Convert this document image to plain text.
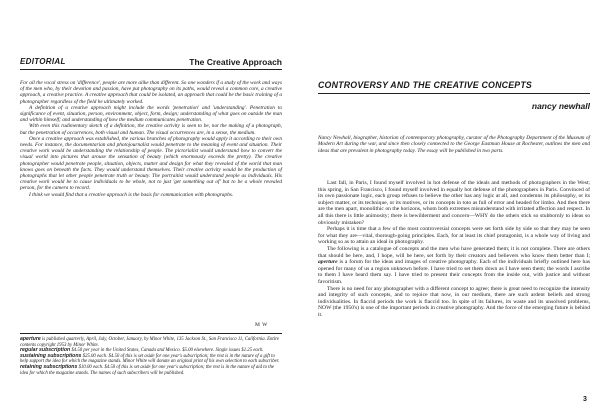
EDITORIAL	The Creative Approach

For all the vocal stress on 'difference', people are more alike than different. So one wonders if a study of the work and ways of the men who, by their devotion and passion, have put photography on its paths, would reveal a common core, a creative approach, a creative practice. A creative approach that could be isolated, an approach that could be the basic training of a photographer regardless of the field he ultimately worked.

A definition of a creative approach might include the words 'penetration' and 'understanding'. Penetration to significance of event, situation, person, environment, object, form, design; understanding of what goes on outside the man and within himself; and understanding of how the medium communicates penetration.

With even this rudimentary sketch of a definition, the creative activity is seen to be, not the making of a photograph, but the penetration of occurrences, both visual and human. The visual occurrences are, in a sense, the medium.

Once a creative approach was established, the various branches of photography would apply it according to their own needs. For instance, the documentarian and photojournalist would penetrate to the meaning of event and situation. Their creative work would be understanding the relationship of people. The pictorialist would understand how to convert the visual world into pictures that arouse the sensation of beauty (which enormously exceeds the pretty). The creative photographer would penetrate people, situation, objects, matter and design for what they revealed of the world that man knows goes on beneath the facts. They would understand themselves. Their creative activity would be the production of photographs that let other people penetrate truth or beauty. The portraitist would understand people as individuals. His creative work would be to cause individuals to be whole, not to just 'get something out of' but to be a whole revealed person, for the camera to record.

I think we would find that a creative approach is the basis for communication with photographs.

M W

aperture is published quarterly, April, July, October, January, by Minor White, 135 Jackson St., San Francisco 11, California. Entire contents copyright 1953 by Minor White.

regular subscription $4.50 per year in the United States, Canada and Mexico. $5.00 elsewhere. Single issues $1.25 each.

sustaining subscriptions $25.00 each. $4.50 of this is set aside for one year's subscription; the rest is in the nature of a gift to help support the idea for which the magazine stands. Minor White will donate an original print of his own selection to each subscriber.

retaining subscriptions $10.00 each. $4.50 of this is set aside for one year's subscription; the rest is in the nature of aid to the idea for which the magazine stands. The names of such subscribers will be published.

CONTROVERSY AND THE CREATIVE CONCEPTS
nancy newhall
Nancy Newhall, biographer, historian of contemporary photography, curator of the Photography Department of the Museum of Modern Art during the war, and since then closely connected to the George Eastman House at Rochester, outlines the men and ideas that are prevalent in photography today. The essay will be published in two parts.

Last fall, in Paris, I found myself involved in hot defense of the ideals and methods of photographers in the West; this spring, in San Francisco, I found myself involved in equally hot defense of the photographers in Paris. Convinced of its own passionate logic, each group refuses to believe the other has any logic at all, and condemns its philosophy, or its subject matter, or its technique, or its motives, or its concepts in toto as full of error and headed for limbo. And then there are the men apart, monolithic on the horizons, whom both extremes misunderstand with irritated affection and respect. In all this there is little animosity; there is bewilderment and concern—WHY do the others stick so stubbornly to ideas so obviously mistaken?

Perhaps it is time that a few of the most controversial concepts were set forth side by side so that they may be seen for what they are—vital, thorough-going principles. Each, for at least its chief protagonist, is a whole way of living and working so as to attain an ideal in photography.

The following is a catalogue of concepts and the men who have generated them; it is not complete. There are others that should be here, and, I hope, will be here, set forth by their creators and believers who know them better than I; aperture is a forum for the ideas and images of creative photography. Each of the individuals briefly outlined here has opened for many of us a region unknown before. I have tried to set them down as I have seen them; the words I ascribe to them I have heard them say. I have tried to present their concepts from the inside out, with justice and without favoritism.

There is no need for any photographer with a different concept to agree; there is great need to recognize the intensity and integrity of such concepts, and to rejoice that now, in our medium, there are such ardent beliefs and strong individualities. In flaccid periods the work is flaccid too. In spite of its failures, its waste and its unsolved problems, NOW (the 1950's) is one of the important periods in creative photography. And the force of the emerging future is behind it.

3
